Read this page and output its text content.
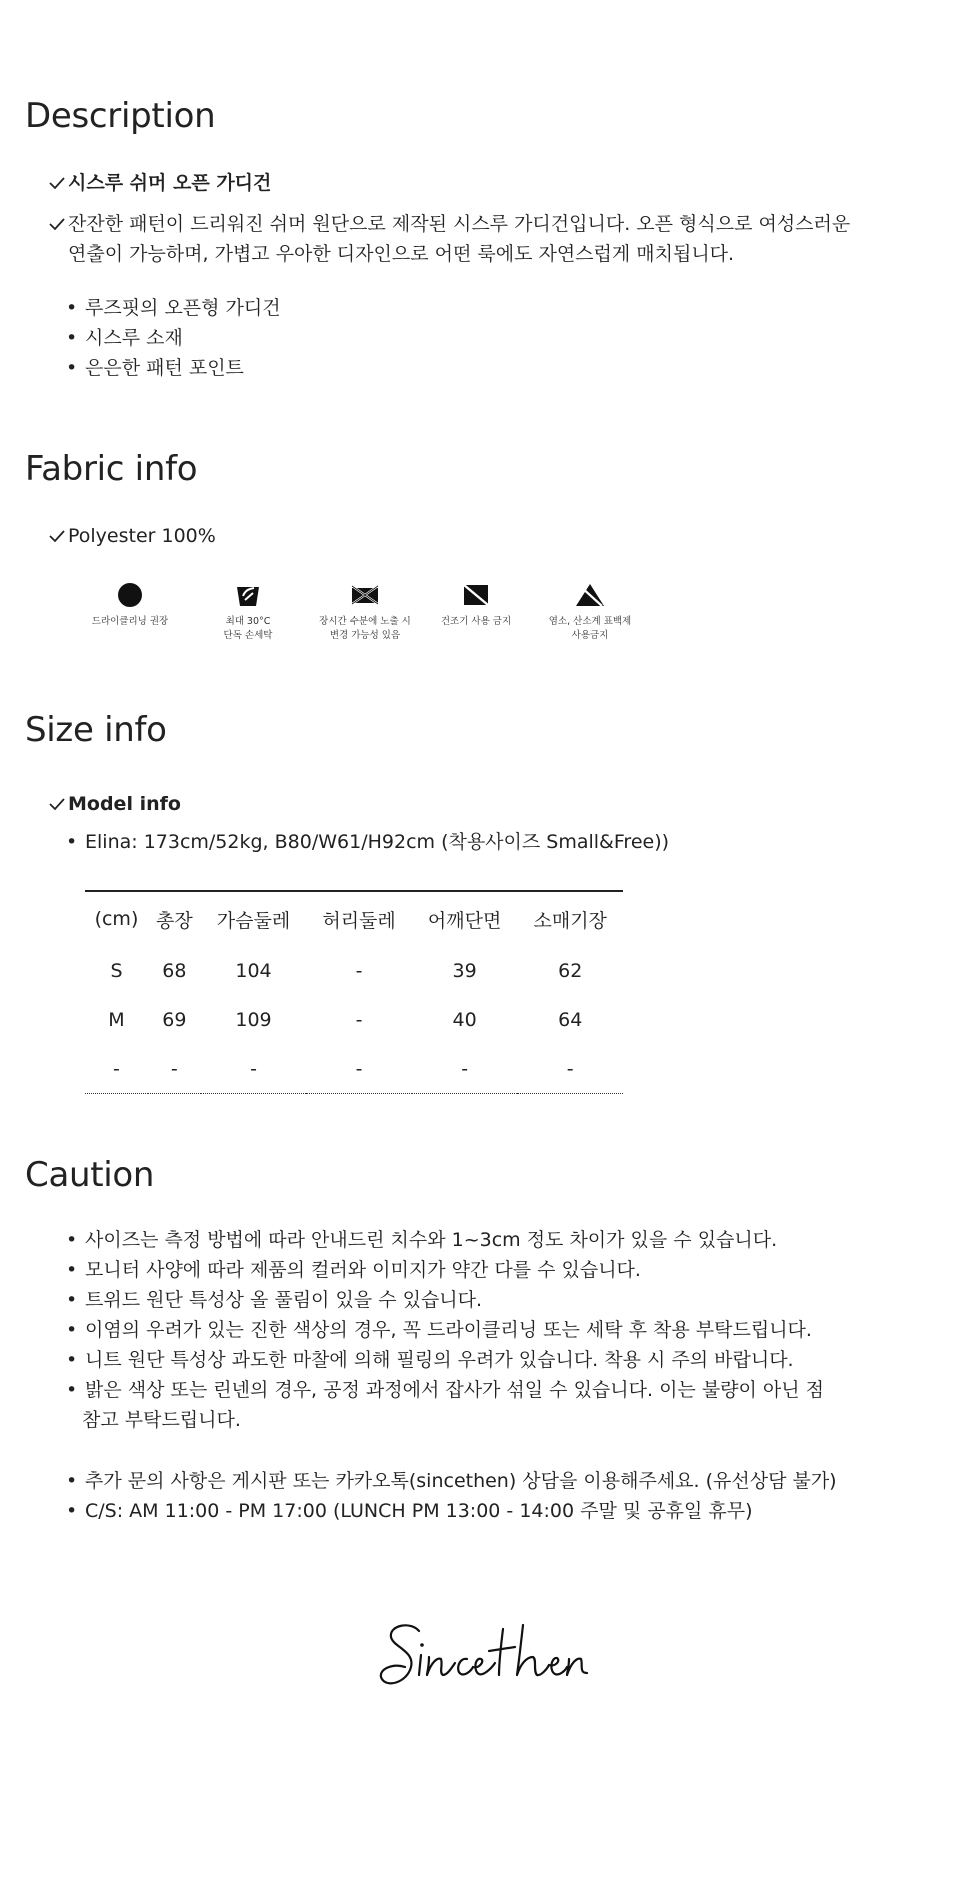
Description
시스루 쉬머 오픈 가디건
잔잔한 패턴이 드리워진 쉬머 원단으로 제작된 시스루 가디건입니다. 오픈 형식으로 여성스러운
연출이 가능하며, 가볍고 우아한 디자인으로 어떤 룩에도 자연스럽게 매치됩니다.
• 루즈핏의 오픈형 가디건
• 시스루 소재
• 은은한 패턴 포인트
Fabric info
Polyester 100%
드라이클리닝 권장	최대 30°C
단독 손세탁
장시간 수분에 노출 시
변경 가능성 있음
건조기 사용 금지	염소, 산소계 표백제
사용금지
Size info
Model info
• Elina: 173cm/52kg, B80/W61/H92cm (착용사이즈 Small&Free))
(cm)	총장	가슴둘레	허리둘레	어깨단면	소매기장
S	68	104	-	39	62
M	69	109	-	40	64
-	-	-	-	-	-
Caution
• 사이즈는 측정 방법에 따라 안내드린 치수와 1~3cm 정도 차이가 있을 수 있습니다.
• 모니터 사양에 따라 제품의 컬러와 이미지가 약간 다를 수 있습니다.
• 트위드 원단 특성상 올 풀림이 있을 수 있습니다.
• 이염의 우려가 있는 진한 색상의 경우, 꼭 드라이클리닝 또는 세탁 후 착용 부탁드립니다.
• 니트 원단 특성상 과도한 마찰에 의해 필링의 우려가 있습니다. 착용 시 주의 바랍니다.
• 밝은 색상 또는 린넨의 경우, 공정 과정에서 잡사가 섞일 수 있습니다. 이는 불량이 아닌 점
참고 부탁드립니다.
• 추가 문의 사항은 게시판 또는 카카오톡(sincethen) 상담을 이용해주세요. (유선상담 불가)
• C/S: AM 11:00 - PM 17:00 (LUNCH PM 13:00 - 14:00 주말 및 공휴일 휴무)
